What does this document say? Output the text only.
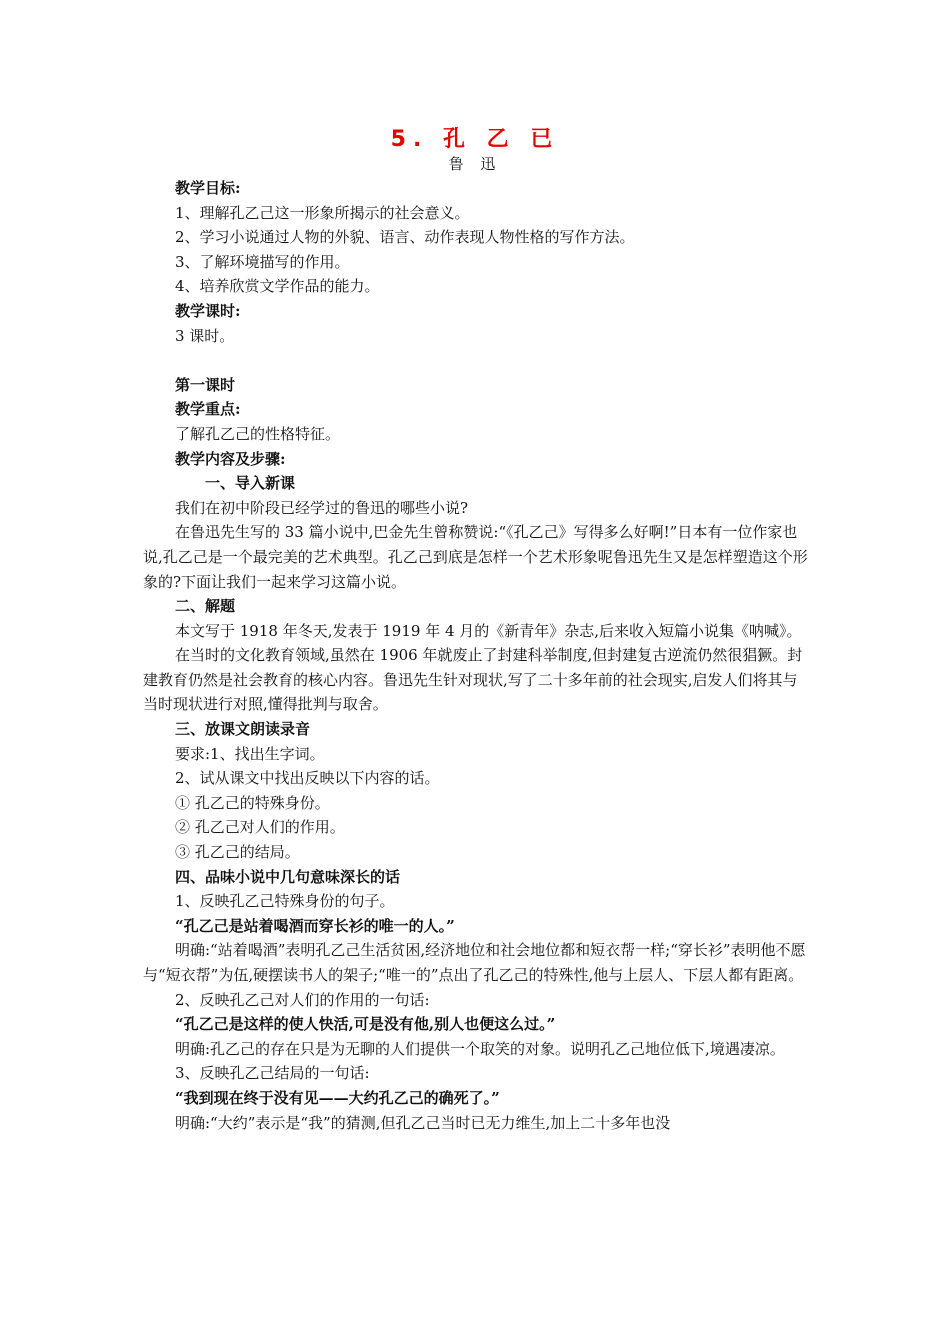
5. 孔 乙 已
鲁 迅

教学目标:

1、理解孔乙己这一形象所揭示的社会意义。

2、学习小说通过人物的外貌、语言、动作表现人物性格的写作方法。

3、了解环境描写的作用。

4、培养欣赏文学作品的能力。

教学课时:

3 课时。

第一课时

教学重点:

了解孔乙己的性格特征。

教学内容及步骤:

一、导入新课

我们在初中阶段已经学过的鲁迅的哪些小说?

在鲁迅先生写的 33 篇小说中,巴金先生曾称赞说:“《孔乙己》写得多么好啊!”日本有一位作家也说,孔乙己是一个最完美的艺术典型。孔乙己到底是怎样一个艺术形象呢鲁迅先生又是怎样塑造这个形象的?下面让我们一起来学习这篇小说。

二、解题

本文写于 1918 年冬天,发表于 1919 年 4 月的《新青年》杂志,后来收入短篇小说集《呐喊》。

在当时的文化教育领域,虽然在 1906 年就废止了封建科举制度,但封建复古逆流仍然很猖獗。封建教育仍然是社会教育的核心内容。鲁迅先生针对现状,写了二十多年前的社会现实,启发人们将其与当时现状进行对照,懂得批判与取舍。

三、放课文朗读录音

要求:1、找出生字词。

2、试从课文中找出反映以下内容的话。

① 孔乙己的特殊身份。

② 孔乙己对人们的作用。

③ 孔乙己的结局。

四、品味小说中几句意味深长的话

1、反映孔乙己特殊身份的句子。

“孔乙己是站着喝酒而穿长衫的唯一的人。”

明确:“站着喝酒”表明孔乙己生活贫困,经济地位和社会地位都和短衣帮一样;“穿长衫”表明他不愿与“短衣帮”为伍,硬摆读书人的架子;“唯一的”点出了孔乙己的特殊性,他与上层人、下层人都有距离。

2、反映孔乙己对人们的作用的一句话:

“孔乙己是这样的使人快活,可是没有他,别人也便这么过。”

明确:孔乙己的存在只是为无聊的人们提供一个取笑的对象。说明孔乙己地位低下,境遇凄凉。

3、反映孔乙己结局的一句话:

“我到现在终于没有见——大约孔乙己的确死了。”

明确:“大约”表示是“我”的猜测,但孔乙己当时已无力维生,加上二十多年也没
